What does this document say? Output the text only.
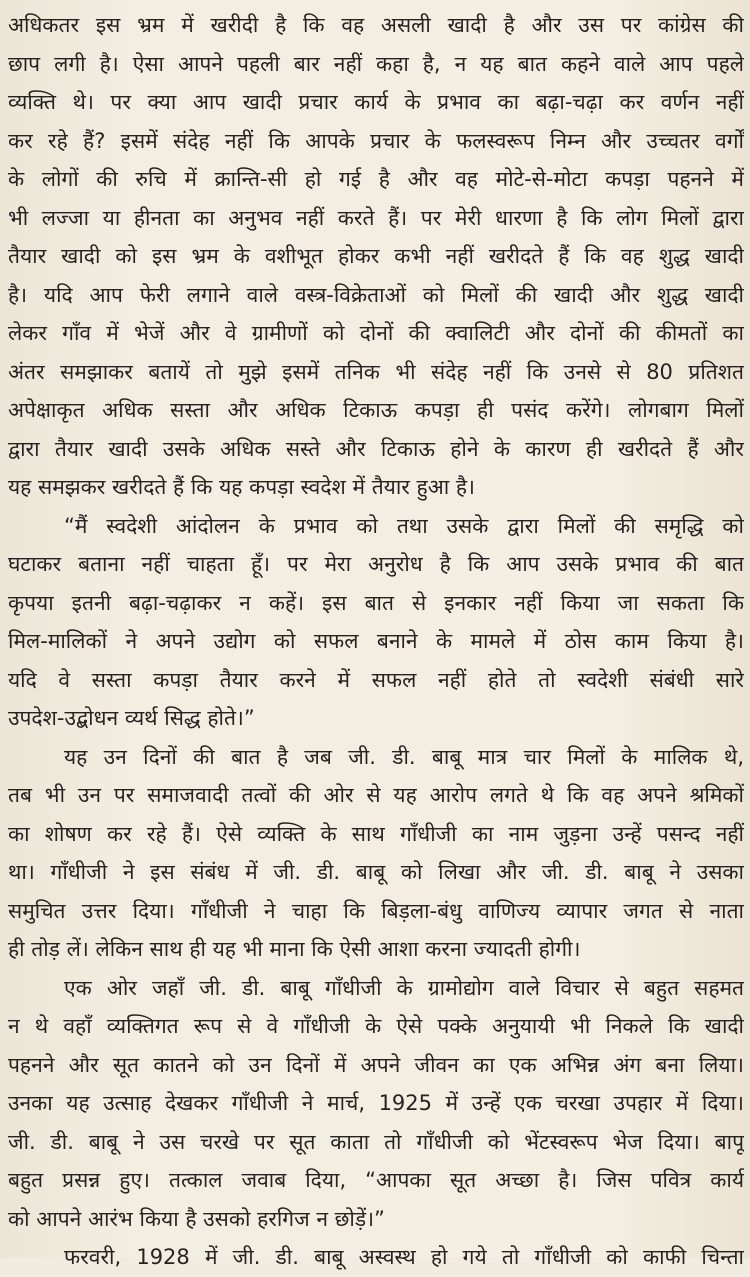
अधिकतर इस भ्रम में खरीदी है कि वह असली खादी है और उस पर कांग्रेस की
छाप लगी है। ऐसा आपने पहली बार नहीं कहा है, न यह बात कहने वाले आप पहले
व्यक्ति थे। पर क्या आप खादी प्रचार कार्य के प्रभाव का बढ़ा-चढ़ा कर वर्णन नहीं
कर रहे हैं? इसमें संदेह नहीं कि आपके प्रचार के फलस्वरूप निम्न और उच्चतर वर्गों
के लोगों की रुचि में क्रान्ति-सी हो गई है और वह मोटे-से-मोटा कपड़ा पहनने में
भी लज्जा या हीनता का अनुभव नहीं करते हैं। पर मेरी धारणा है कि लोग मिलों द्वारा
तैयार खादी को इस भ्रम के वशीभूत होकर कभी नहीं खरीदते हैं कि वह शुद्ध खादी
है। यदि आप फेरी लगाने वाले वस्त्र-विक्रेताओं को मिलों की खादी और शुद्ध खादी
लेकर गाँव में भेजें और वे ग्रामीणों को दोनों की क्वालिटी और दोनों की कीमतों का
अंतर समझाकर बतायें तो मुझे इसमें तनिक भी संदेह नहीं कि उनसे से 80 प्रतिशत
अपेक्षाकृत अधिक सस्ता और अधिक टिकाऊ कपड़ा ही पसंद करेंगे। लोगबाग मिलों
द्वारा तैयार खादी उसके अधिक सस्ते और टिकाऊ होने के कारण ही खरीदते हैं और
यह समझकर खरीदते हैं कि यह कपड़ा स्वदेश में तैयार हुआ है।
“मैं स्वदेशी आंदोलन के प्रभाव को तथा उसके द्वारा मिलों की समृद्धि को
घटाकर बताना नहीं चाहता हूँ। पर मेरा अनुरोध है कि आप उसके प्रभाव की बात
कृपया इतनी बढ़ा-चढ़ाकर न कहें। इस बात से इनकार नहीं किया जा सकता कि
मिल-मालिकों ने अपने उद्योग को सफल बनाने के मामले में ठोस काम किया है।
यदि वे सस्ता कपड़ा तैयार करने में सफल नहीं होते तो स्वदेशी संबंधी सारे
उपदेश-उद्बोधन व्यर्थ सिद्ध होते।”
यह उन दिनों की बात है जब जी. डी. बाबू मात्र चार मिलों के मालिक थे,
तब भी उन पर समाजवादी तत्वों की ओर से यह आरोप लगते थे कि वह अपने श्रमिकों
का शोषण कर रहे हैं। ऐसे व्यक्ति के साथ गाँधीजी का नाम जुड़ना उन्हें पसन्द नहीं
था। गाँधीजी ने इस संबंध में जी. डी. बाबू को लिखा और जी. डी. बाबू ने उसका
समुचित उत्तर दिया। गाँधीजी ने चाहा कि बिड़ला-बंधु वाणिज्य व्यापार जगत से नाता
ही तोड़ लें। लेकिन साथ ही यह भी माना कि ऐसी आशा करना ज्यादती होगी।
एक ओर जहाँ जी. डी. बाबू गाँधीजी के ग्रामोद्योग वाले विचार से बहुत सहमत
न थे वहाँ व्यक्तिगत रूप से वे गाँधीजी के ऐसे पक्के अनुयायी भी निकले कि खादी
पहनने और सूत कातने को उन दिनों में अपने जीवन का एक अभिन्न अंग बना लिया।
उनका यह उत्साह देखकर गाँधीजी ने मार्च, 1925 में उन्हें एक चरखा उपहार में दिया।
जी. डी. बाबू ने उस चरखे पर सूत काता तो गाँधीजी को भेंटस्वरूप भेज दिया। बापू
बहुत प्रसन्न हुए। तत्काल जवाब दिया, “आपका सूत अच्छा है। जिस पवित्र कार्य
को आपने आरंभ किया है उसको हरगिज न छोड़ें।”
फरवरी, 1928 में जी. डी. बाबू अस्वस्थ हो गये तो गाँधीजी को काफी चिन्ता
